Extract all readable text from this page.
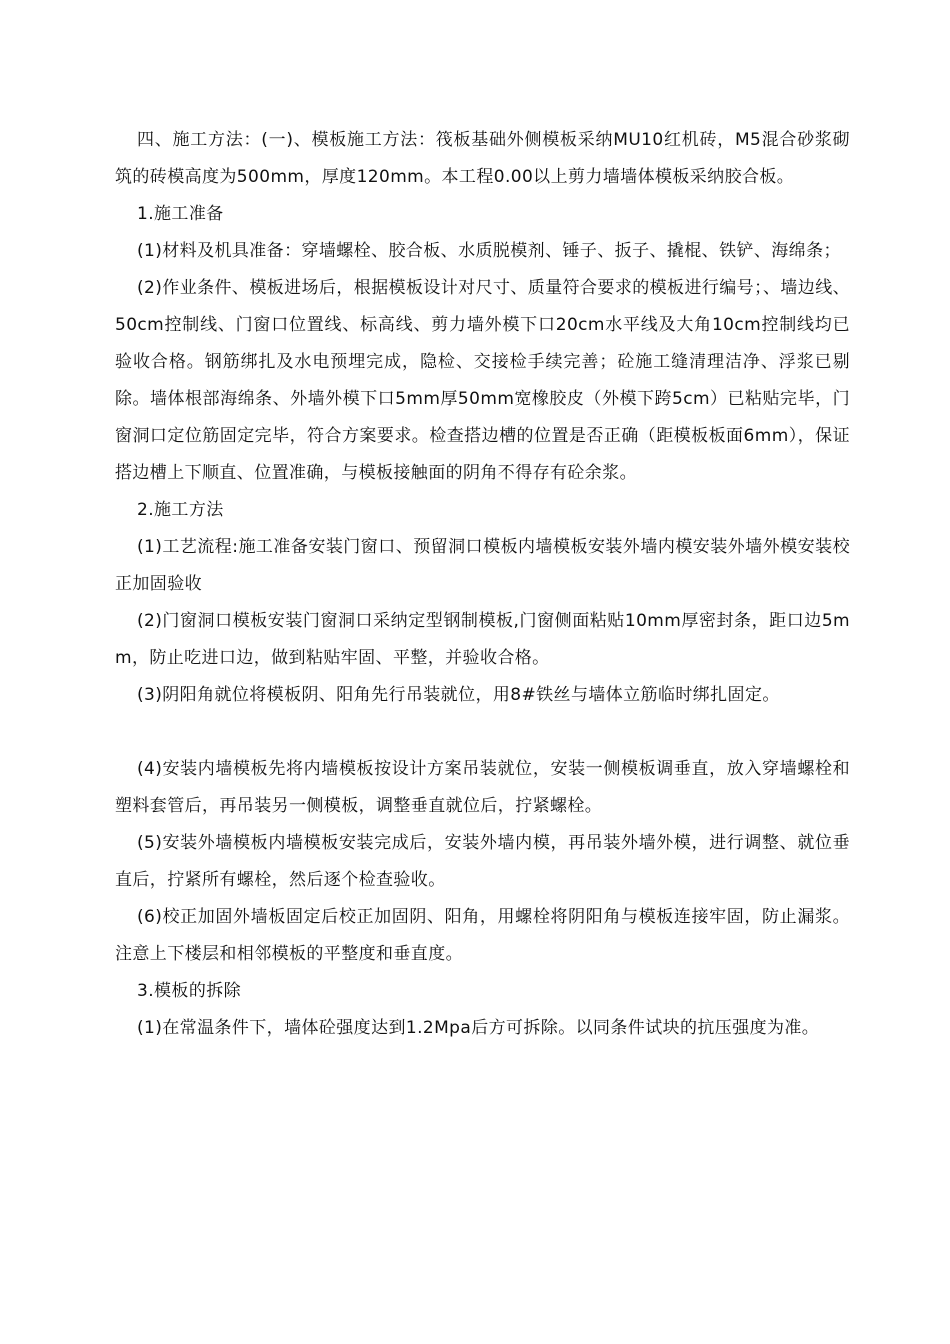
四、施工方法：(一)、模板施工方法：筏板基础外侧模板采纳MU10红机砖，M5混合砂浆砌筑的砖模高度为500mm，厚度120mm。本工程0.00以上剪力墙墙体模板采纳胶合板。

1.施工准备

(1)材料及机具准备：穿墙螺栓、胶合板、水质脱模剂、锤子、扳子、撬棍、铁铲、海绵条；

(2)作业条件、模板进场后，根据模板设计对尺寸、质量符合要求的模板进行编号；、墙边线、50cm控制线、门窗口位置线、标高线、剪力墙外模下口20cm水平线及大角10cm控制线均已验收合格。钢筋绑扎及水电预埋完成，隐检、交接检手续完善；砼施工缝清理洁净、浮浆已剔除。墙体根部海绵条、外墙外模下口5mm厚50mm宽橡胶皮（外模下跨5cm）已粘贴完毕，门窗洞口定位筋固定完毕，符合方案要求。检查搭边槽的位置是否正确（距模板板面6mm），保证搭边槽上下顺直、位置准确，与模板接触面的阴角不得存有砼余浆。

2.施工方法

(1)工艺流程:施工准备安装门窗口、预留洞口模板内墙模板安装外墙内模安装外墙外模安装校正加固验收

(2)门窗洞口模板安装门窗洞口采纳定型钢制模板,门窗侧面粘贴10mm厚密封条，距口边5mm，防止吃进口边，做到粘贴牢固、平整，并验收合格。

(3)阴阳角就位将模板阴、阳角先行吊装就位，用8#铁丝与墙体立筋临时绑扎固定。

(4)安装内墙模板先将内墙模板按设计方案吊装就位，安装一侧模板调垂直，放入穿墙螺栓和塑料套管后，再吊装另一侧模板，调整垂直就位后，拧紧螺栓。

(5)安装外墙模板内墙模板安装完成后，安装外墙内模，再吊装外墙外模，进行调整、就位垂直后，拧紧所有螺栓，然后逐个检查验收。

(6)校正加固外墙板固定后校正加固阴、阳角，用螺栓将阴阳角与模板连接牢固，防止漏浆。注意上下楼层和相邻模板的平整度和垂直度。

3.模板的拆除

(1)在常温条件下，墙体砼强度达到1.2Mpa后方可拆除。以同条件试块的抗压强度为准。
